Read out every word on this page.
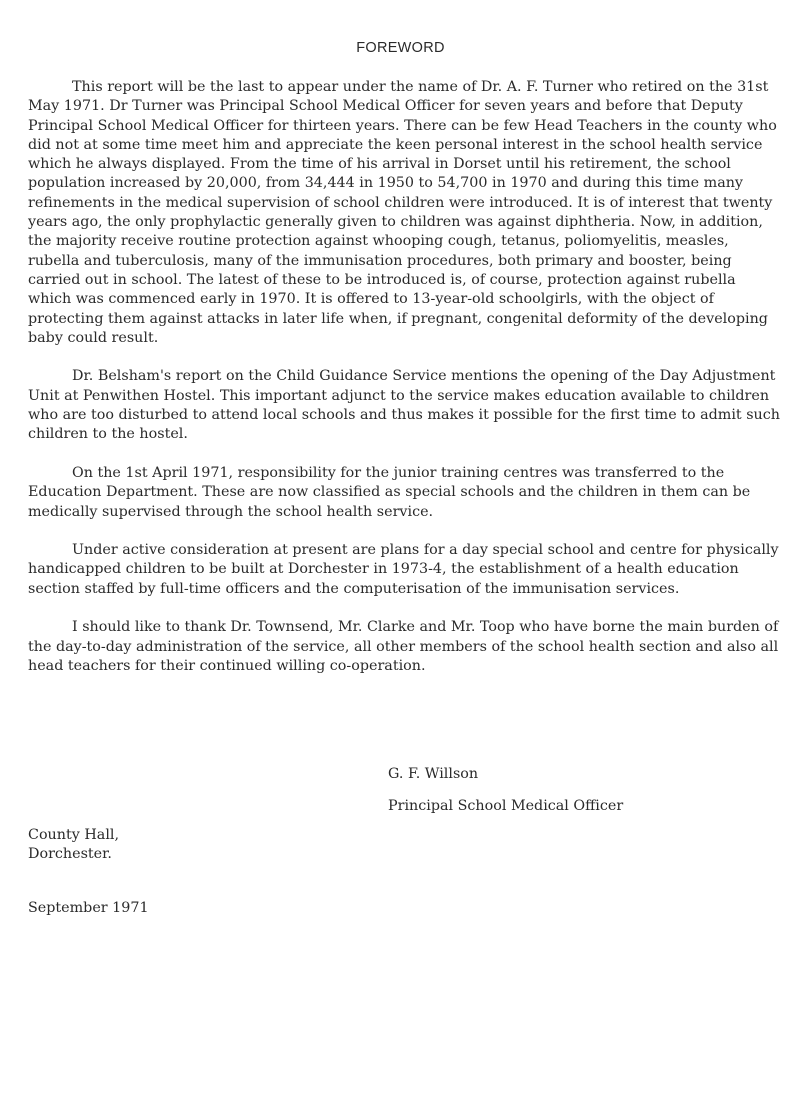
FOREWORD

This report will be the last to appear under the name of Dr. A. F. Turner who retired on the 31st May 1971. Dr Turner was Principal School Medical Officer for seven years and before that Deputy Principal School Medical Officer for thirteen years. There can be few Head Teachers in the county who did not at some time meet him and appreciate the keen personal interest in the school health service which he always displayed. From the time of his arrival in Dorset until his retirement, the school population increased by 20,000, from 34,444 in 1950 to 54,700 in 1970 and during this time many refinements in the medical supervision of school children were introduced. It is of interest that twenty years ago, the only prophylactic generally given to children was against diphtheria. Now, in addition, the majority receive routine protection against whooping cough, tetanus, poliomyelitis, measles, rubella and tuberculosis, many of the immunisation procedures, both primary and booster, being carried out in school. The latest of these to be introduced is, of course, protection against rubella which was commenced early in 1970. It is offered to 13-year-old schoolgirls, with the object of protecting them against attacks in later life when, if pregnant, congenital deformity of the developing baby could result.

Dr. Belsham's report on the Child Guidance Service mentions the opening of the Day Adjustment Unit at Penwithen Hostel. This important adjunct to the service makes education available to children who are too disturbed to attend local schools and thus makes it possible for the first time to admit such children to the hostel.

On the 1st April 1971, responsibility for the junior training centres was transferred to the Education Department. These are now classified as special schools and the children in them can be medically supervised through the school health service.

Under active consideration at present are plans for a day special school and centre for physically handicapped children to be built at Dorchester in 1973-4, the establishment of a health education section staffed by full-time officers and the computerisation of the immunisation services.

I should like to thank Dr. Townsend, Mr. Clarke and Mr. Toop who have borne the main burden of the day-to-day administration of the service, all other members of the school health section and also all head teachers for their continued willing co-operation.

G. F. Willson
Principal School Medical Officer
County Hall,
Dorchester.
September 1971
